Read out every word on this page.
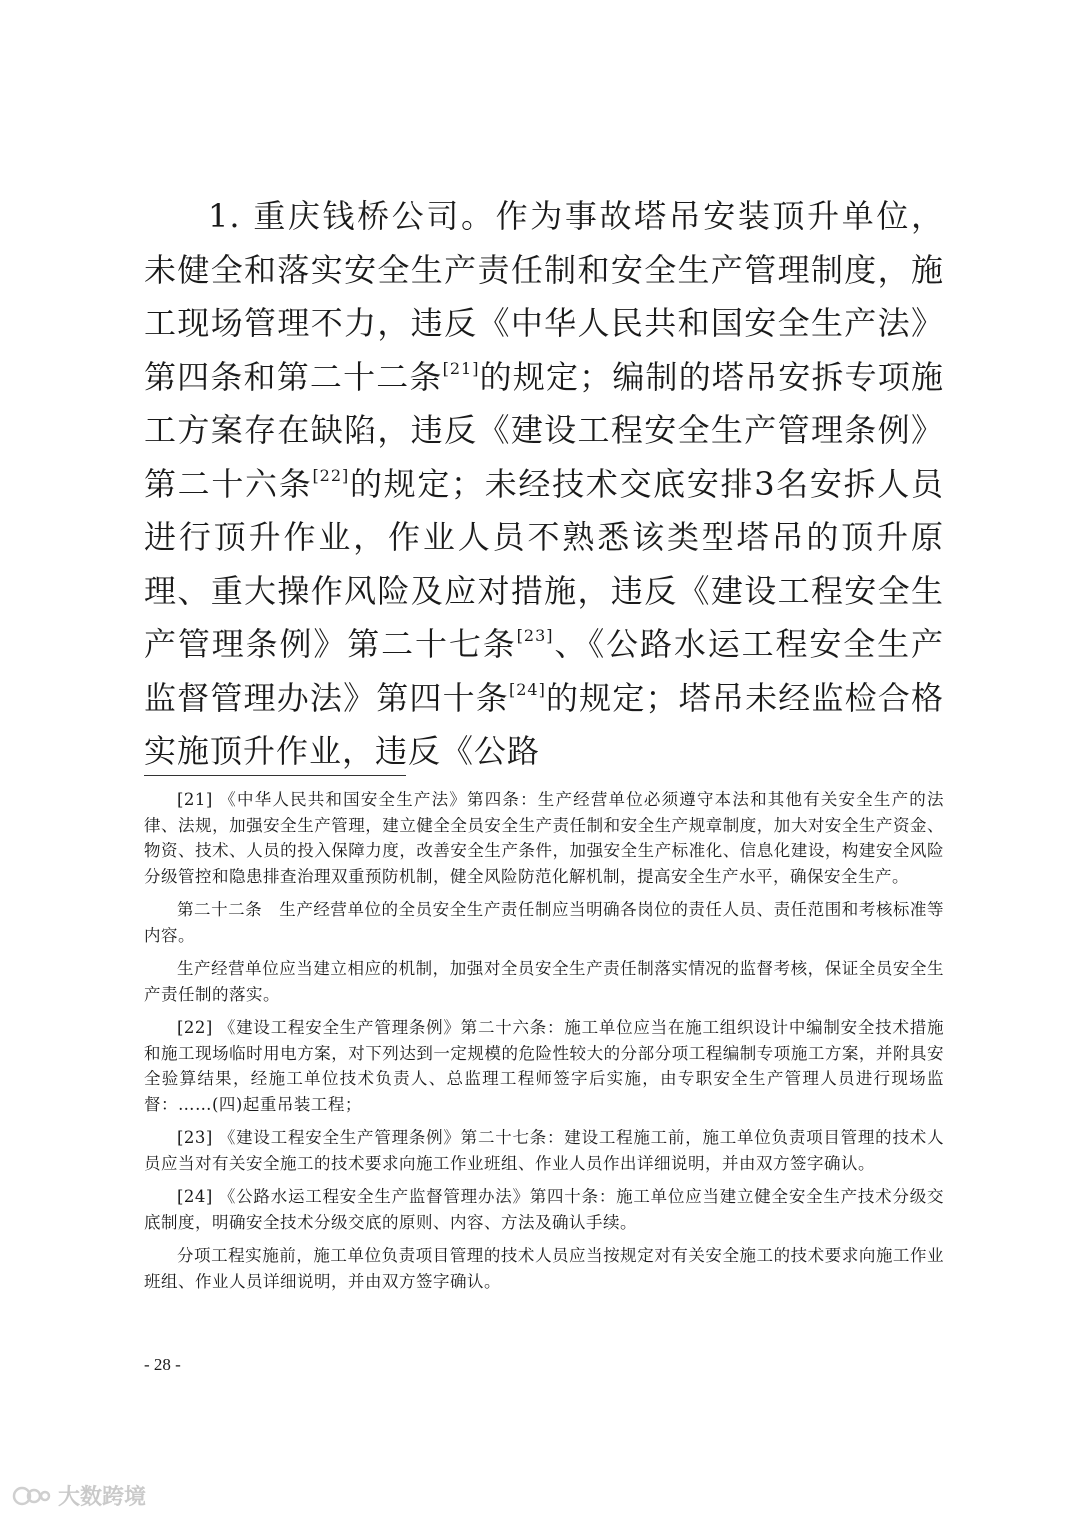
1. 重庆钱桥公司。作为事故塔吊安装顶升单位，未健全和落实安全生产责任制和安全生产管理制度，施工现场管理不力，违反《中华人民共和国安全生产法》第四条和第二十二条[21]的规定；编制的塔吊安拆专项施工方案存在缺陷，违反《建设工程安全生产管理条例》第二十六条[22]的规定；未经技术交底安排3名安拆人员进行顶升作业，作业人员不熟悉该类型塔吊的顶升原理、重大操作风险及应对措施，违反《建设工程安全生产管理条例》第二十七条[23]、《公路水运工程安全生产监督管理办法》第四十条[24]的规定；塔吊未经监检合格实施顶升作业，违反《公路

[21] 《中华人民共和国安全生产法》第四条：生产经营单位必须遵守本法和其他有关安全生产的法律、法规，加强安全生产管理，建立健全全员安全生产责任制和安全生产规章制度，加大对安全生产资金、物资、技术、人员的投入保障力度，改善安全生产条件，加强安全生产标准化、信息化建设，构建安全风险分级管控和隐患排查治理双重预防机制，健全风险防范化解机制，提高安全生产水平，确保安全生产。

第二十二条　生产经营单位的全员安全生产责任制应当明确各岗位的责任人员、责任范围和考核标准等内容。

生产经营单位应当建立相应的机制，加强对全员安全生产责任制落实情况的监督考核，保证全员安全生产责任制的落实。

[22] 《建设工程安全生产管理条例》第二十六条：施工单位应当在施工组织设计中编制安全技术措施和施工现场临时用电方案，对下列达到一定规模的危险性较大的分部分项工程编制专项施工方案，并附具安全验算结果，经施工单位技术负责人、总监理工程师签字后实施，由专职安全生产管理人员进行现场监督：……(四)起重吊装工程；

[23] 《建设工程安全生产管理条例》第二十七条：建设工程施工前，施工单位负责项目管理的技术人员应当对有关安全施工的技术要求向施工作业班组、作业人员作出详细说明，并由双方签字确认。

[24] 《公路水运工程安全生产监督管理办法》第四十条：施工单位应当建立健全安全生产技术分级交底制度，明确安全技术分级交底的原则、内容、方法及确认手续。

分项工程实施前，施工单位负责项目管理的技术人员应当按规定对有关安全施工的技术要求向施工作业班组、作业人员详细说明，并由双方签字确认。

- 28 -
大数跨境
